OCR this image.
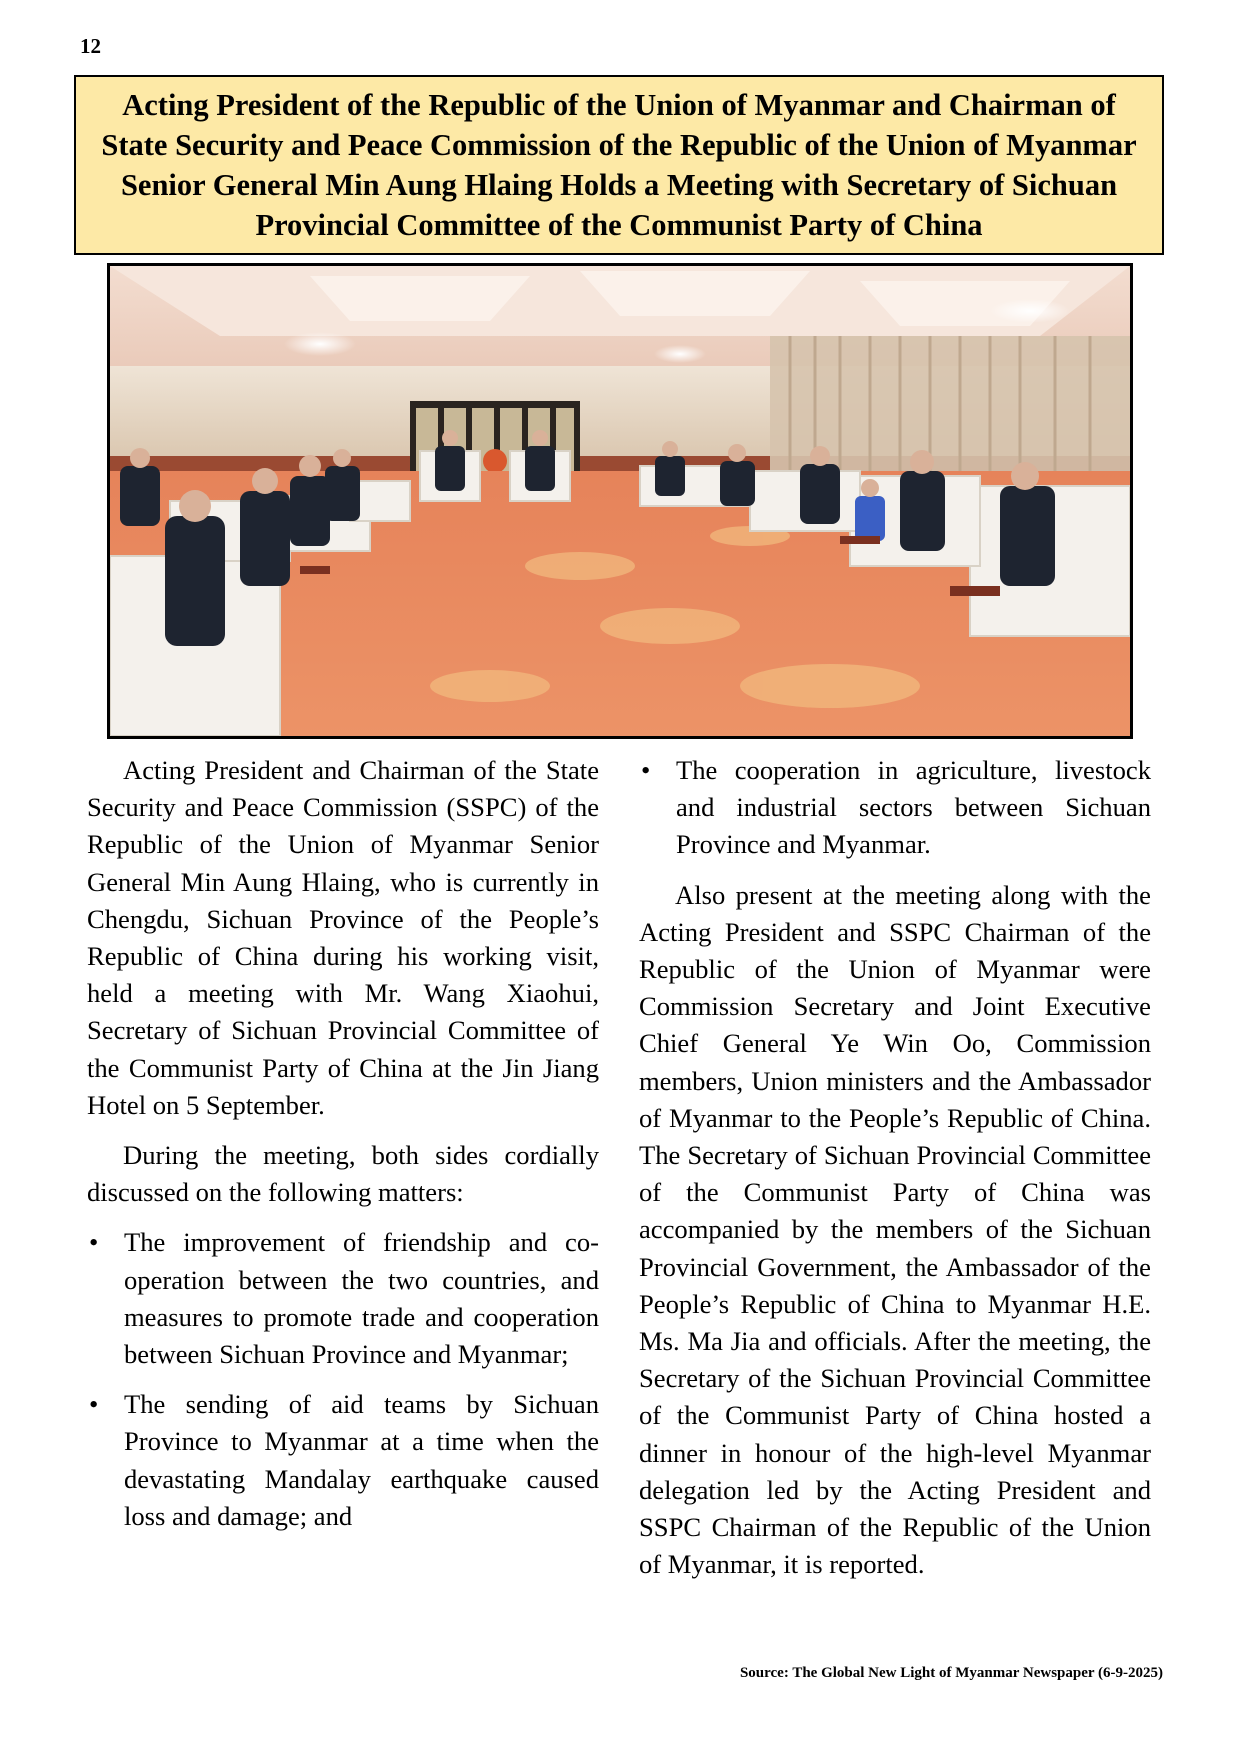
12
Acting President of the Republic of the Union of Myanmar and Chairman of State Security and Peace Commission of the Republic of the Union of Myanmar Senior General Min Aung Hlaing Holds a Meeting with Secretary of Sichuan Provincial Committee of the Communist Party of China

Acting President and Chairman of the State Security and Peace Commission (SSPC) of the Republic of the Union of Myanmar Senior General Min Aung Hlaing, who is currently in Chengdu, Sichuan Province of the People’s Republic of China during his working visit, held a meeting with Mr. Wang Xiaohui, Secretary of Sichuan Provincial Committee of the Communist Party of China at the Jin Jiang Hotel on 5 September.

During the meeting, both sides cordially discussed on the following matters:

• The improvement of friendship and cooperation between the two countries, and measures to promote trade and cooperation between Sichuan Province and Myanmar;
• The sending of aid teams by Sichuan Province to Myanmar at a time when the devastating Mandalay earthquake caused loss and damage; and
• The cooperation in agriculture, livestock and industrial sectors between Sichuan Province and Myanmar.

Also present at the meeting along with the Acting President and SSPC Chairman of the Republic of the Union of Myanmar were Commission Secretary and Joint Executive Chief General Ye Win Oo, Commission members, Union ministers and the Ambassador of Myanmar to the People’s Republic of China. The Secretary of Sichuan Provincial Committee of the Communist Party of China was accompanied by the members of the Sichuan Provincial Government, the Ambassador of the People’s Republic of China to Myanmar H.E. Ms. Ma Jia and officials. After the meeting, the Secretary of the Sichuan Provincial Committee of the Communist Party of China hosted a dinner in honour of the high-level Myanmar delegation led by the Acting President and SSPC Chairman of the Republic of the Union of Myanmar, it is reported.

Source: The Global New Light of Myanmar Newspaper (6-9-2025)
